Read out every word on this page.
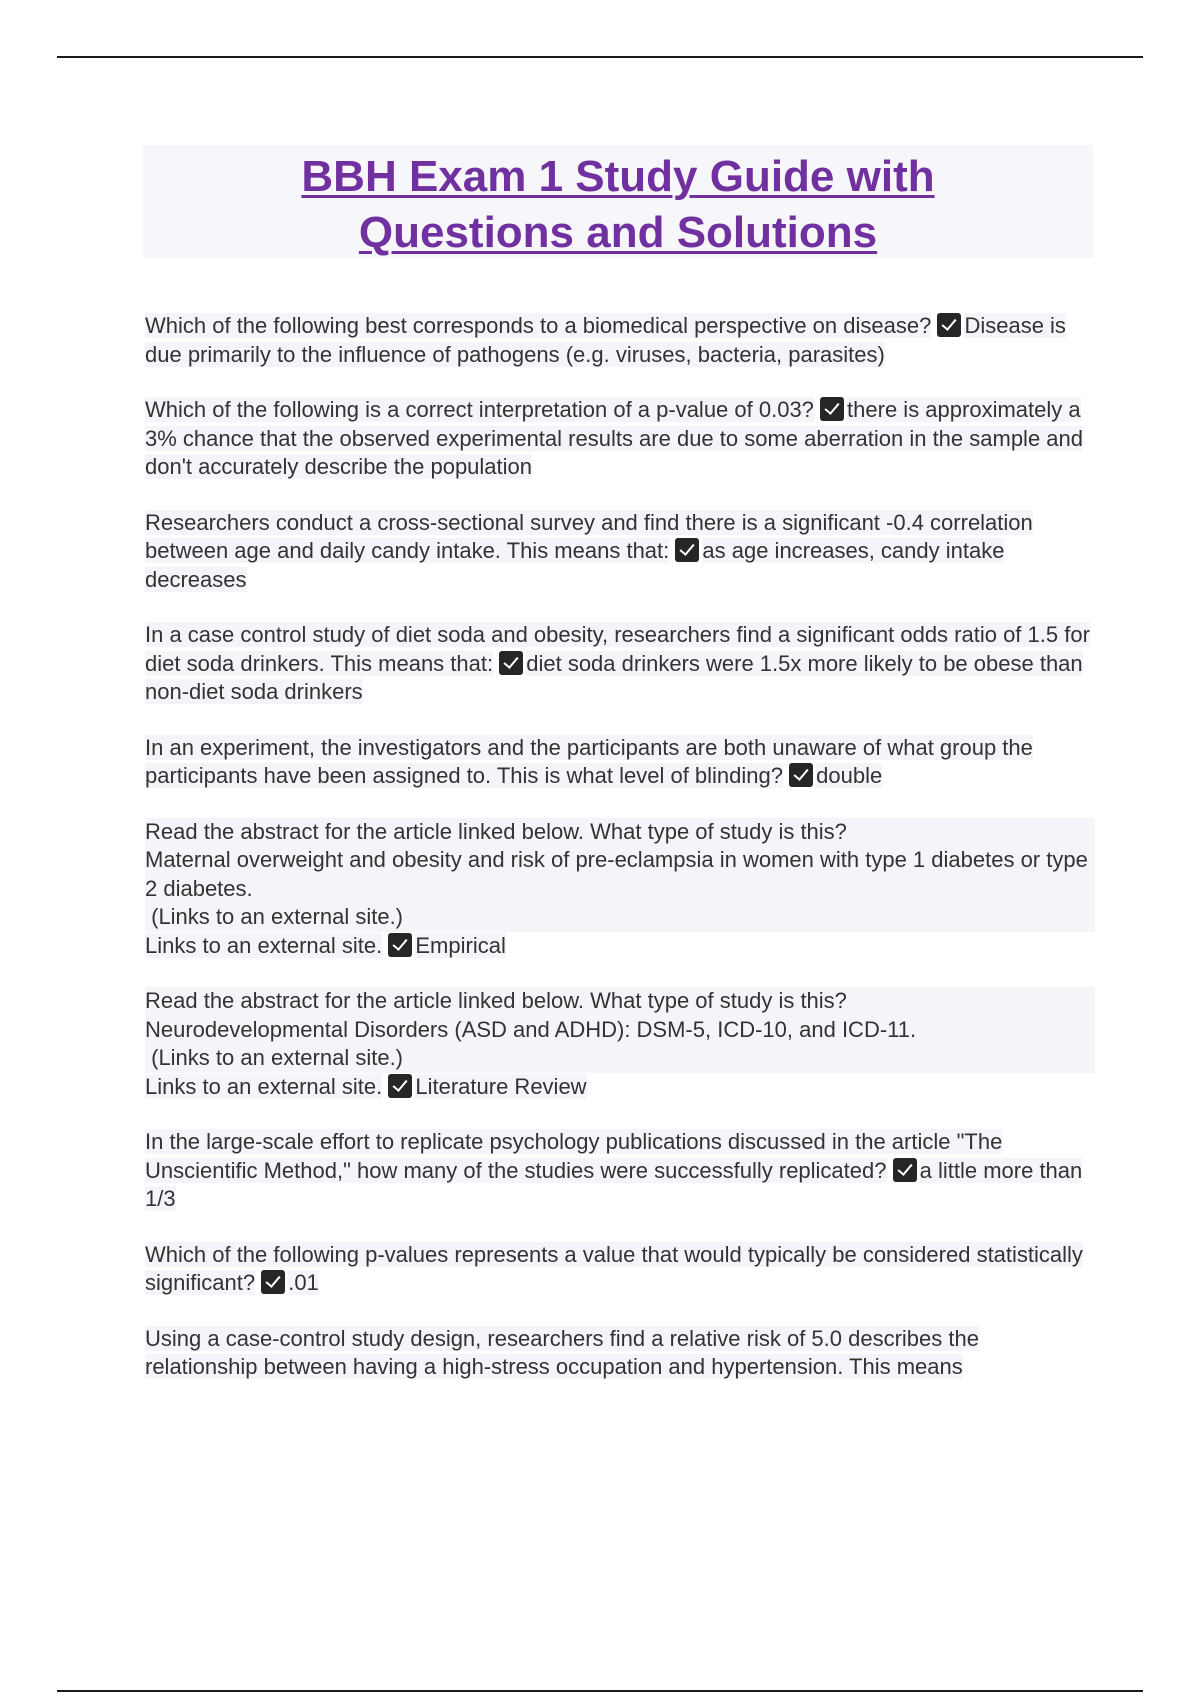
BBH Exam 1 Study Guide with
Questions and Solutions

Which of the following best corresponds to a biomedical perspective on disease? Disease is due primarily to the influence of pathogens (e.g. viruses, bacteria, parasites)

Which of the following is a correct interpretation of a p-value of 0.03? there is approximately a 3% chance that the observed experimental results are due to some aberration in the sample and don't accurately describe the population

Researchers conduct a cross-sectional survey and find there is a significant -0.4 correlation between age and daily candy intake. This means that: as age increases, candy intake decreases

In a case control study of diet soda and obesity, researchers find a significant odds ratio of 1.5 for diet soda drinkers. This means that: diet soda drinkers were 1.5x more likely to be obese than non-diet soda drinkers

In an experiment, the investigators and the participants are both unaware of what group the participants have been assigned to. This is what level of blinding? double

Read the abstract for the article linked below. What type of study is this?
Maternal overweight and obesity and risk of pre-eclampsia in women with type 1 diabetes or type 2 diabetes.
(Links to an external site.)
Links to an external site. Empirical

Read the abstract for the article linked below. What type of study is this?
Neurodevelopmental Disorders (ASD and ADHD): DSM-5, ICD-10, and ICD-11.
(Links to an external site.)
Links to an external site. Literature Review

In the large-scale effort to replicate psychology publications discussed in the article "The Unscientific Method," how many of the studies were successfully replicated? a little more than 1/3

Which of the following p-values represents a value that would typically be considered statistically significant? .01

Using a case-control study design, researchers find a relative risk of 5.0 describes the relationship between having a high-stress occupation and hypertension. This means
